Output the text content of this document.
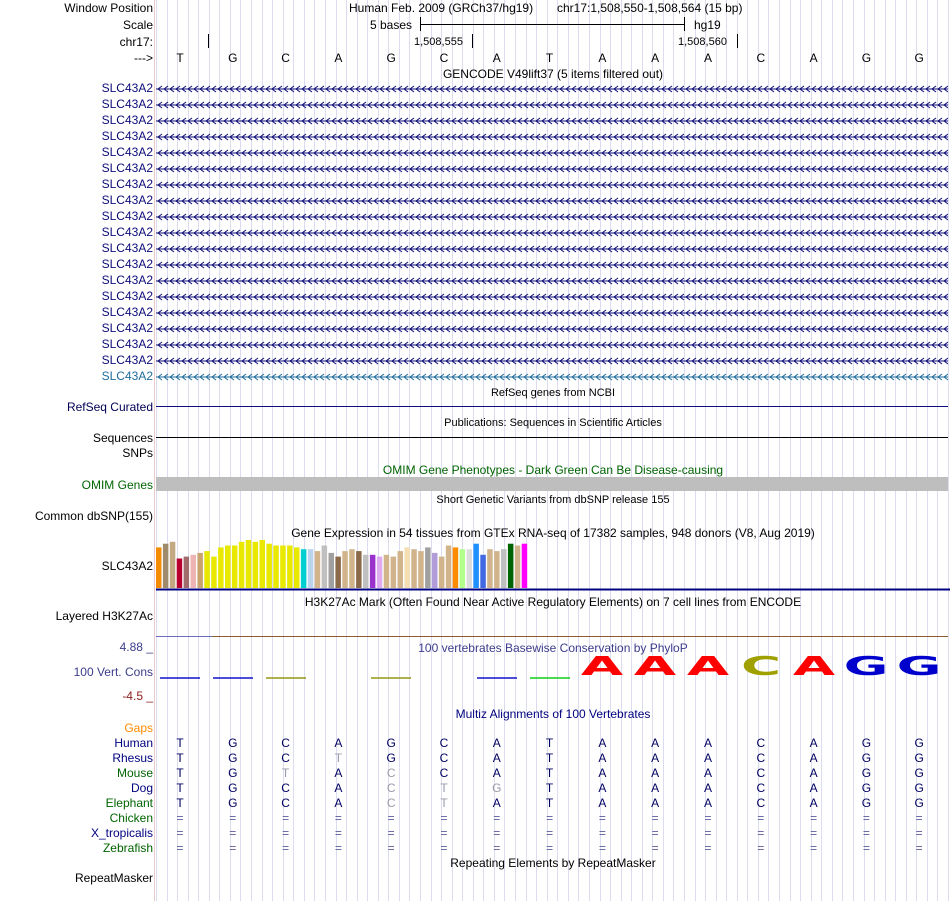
Window Position	Human Feb. 2009 (GRCh37/hg19) chr17:1,508,550-1,508,564 (15 bp)
Scale	5 bases	hg19
chr17:	1,508,555	1,508,560
--->	T	G	C	A	G	C	A	T	A	A	A	C	A	G	G
GENCODE V49lift37 (5 items filtered out)
SLC43A2
SLC43A2
SLC43A2
SLC43A2
SLC43A2
SLC43A2
SLC43A2
SLC43A2
SLC43A2
SLC43A2
SLC43A2
SLC43A2
SLC43A2
SLC43A2
SLC43A2
SLC43A2
SLC43A2
SLC43A2
SLC43A2
RefSeq genes from NCBI
RefSeq Curated
Publications: Sequences in Scientific Articles
Sequences
SNPs
OMIM Gene Phenotypes - Dark Green Can Be Disease-causing
OMIM Genes
Short Genetic Variants from dbSNP release 155
Common dbSNP(155)
Gene Expression in 54 tissues from GTEx RNA-seq of 17382 samples, 948 donors (V8, Aug 2019)
SLC43A2
H3K27Ac Mark (Often Found Near Active Regulatory Elements) on 7 cell lines from ENCODE
Layered H3K27Ac
100 vertebrates Basewise Conservation by PhyloP
4.88 _
100 Vert. Cons
-4.5 _
A A A C A G G
Multiz Alignments of 100 Vertebrates
Gaps
Human	T	G	C	A	G	C	A	T	A	A	A	C	A	G	G
Rhesus	T	G	C	T	G	C	A	T	A	A	A	C	A	G	G
Mouse	T	G	T	A	C	C	A	T	A	A	A	C	A	G	G
Dog	T	G	C	A	C	T	G	T	A	A	A	C	A	G	G
Elephant	T	G	C	A	C	T	A	T	A	A	A	C	A	G	G
Chicken	=	=	=	=	=	=	=	=	=	=	=	=	=	=	=
X_tropicalis	=	=	=	=	=	=	=	=	=	=	=	=	=	=	=
Zebrafish	=	=	=	=	=	=	=	=	=	=	=	=	=	=	=
Repeating Elements by RepeatMasker
RepeatMasker
